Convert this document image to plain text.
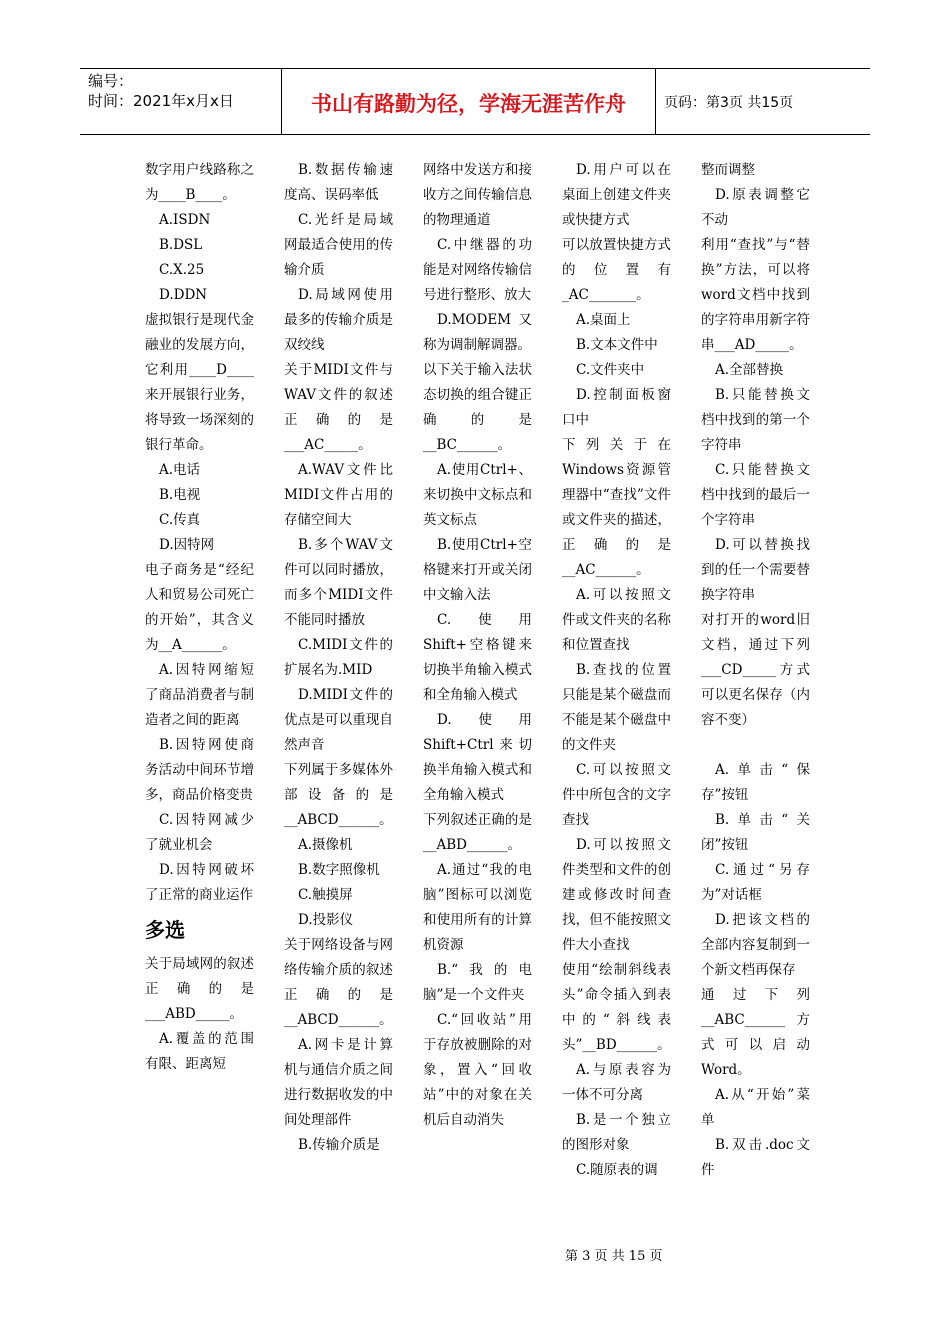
编号：
时间：2021年x月x日	书山有路勤为径，学海无涯苦作舟	页码：第3页 共15页

数字用户线路称之为____B____。

A.ISDN

B.DSL

C.X.25

D.DDN

虚拟银行是现代金融业的发展方向，它利用____D____来开展银行业务，将导致一场深刻的银行革命。

A.电话

B.电视

C.传真

D.因特网

电子商务是“经纪人和贸易公司死亡的开始”，其含义为__A______。

A.因特网缩短了商品消费者与制造者之间的距离

B.因特网使商务活动中间环节增多，商品价格变贵

C.因特网减少了就业机会

D.因特网破坏了正常的商业运作

多选

关于局域网的叙述正确的是___ABD_____。

A.覆盖的范围有限、距离短

B.数据传输速度高、误码率低

C.光纤是局域网最适合使用的传输介质

D.局域网使用最多的传输介质是双绞线

关于MIDI文件与WAV文件的叙述正确的是___AC_____。

A.WAV文件比MIDI文件占用的存储空间大

B.多个WAV文件可以同时播放，而多个MIDI文件不能同时播放

C.MIDI文件的扩展名为.MID

D.MIDI文件的优点是可以重现自然声音

下列属于多媒体外部设备的是__ABCD______。

A.摄像机

B.数字照像机

C.触摸屏

D.投影仪

关于网络设备与网络传输介质的叙述正确的是__ABCD______。

A.网卡是计算机与通信介质之间进行数据收发的中间处理部件

B.传输介质是

网络中发送方和接收方之间传输信息的物理通道

C.中继器的功能是对网络传输信号进行整形、放大

D.MODEM又称为调制解调器。

以下关于输入法状态切换的组合键正确的是__BC______。

A.使用Ctrl+、来切换中文标点和英文标点

B.使用Ctrl+空格键来打开或关闭中文输入法

C.使用Shift+空格键来切换半角输入模式和全角输入模式

D.使用Shift+Ctrl来切换半角输入模式和全角输入模式

下列叙述正确的是__ABD______。

A.通过“我的电脑”图标可以浏览和使用所有的计算机资源

B.“我的电脑”是一个文件夹

C.“回收站”用于存放被删除的对象，置入“回收站”中的对象在关机后自动消失

D.用户可以在桌面上创建文件夹或快捷方式

可以放置快捷方式的位置有_AC_______。

A.桌面上

B.文本文件中

C.文件夹中

D.控制面板窗口中

下列关于在Windows资源管理器中“查找”文件或文件夹的描述，正确的是__AC______。

A.可以按照文件或文件夹的名称和位置查找

B.查找的位置只能是某个磁盘而不能是某个磁盘中的文件夹

C.可以按照文件中所包含的文字查找

D.可以按照文件类型和文件的创建或修改时间查找，但不能按照文件大小查找

使用“绘制斜线表头”命令插入到表中的“斜线表头”__BD______。

A.与原表容为一体不可分离

B.是一个独立的图形对象

C.随原表的调

整而调整

D.原表调整它不动

利用“查找”与“替换”方法，可以将word文档中找到的字符串用新字符串___AD_____。

A.全部替换

B.只能替换文档中找到的第一个字符串

C.只能替换文档中找到的最后一个字符串

D.可以替换找到的任一个需要替换字符串

对打开的word旧文档，通过下列 ___CD_____方式可以更名保存（内容不变）

A.单击“保存”按钮

B.单击“关闭”按钮

C.通过“另存为”对话框

D.把该文档的全部内容复制到一个新文档再保存

通过下列__ABC______方式可以启动Word。

A.从“开始”菜单

B.双击.doc文件

第 3 页 共 15 页
